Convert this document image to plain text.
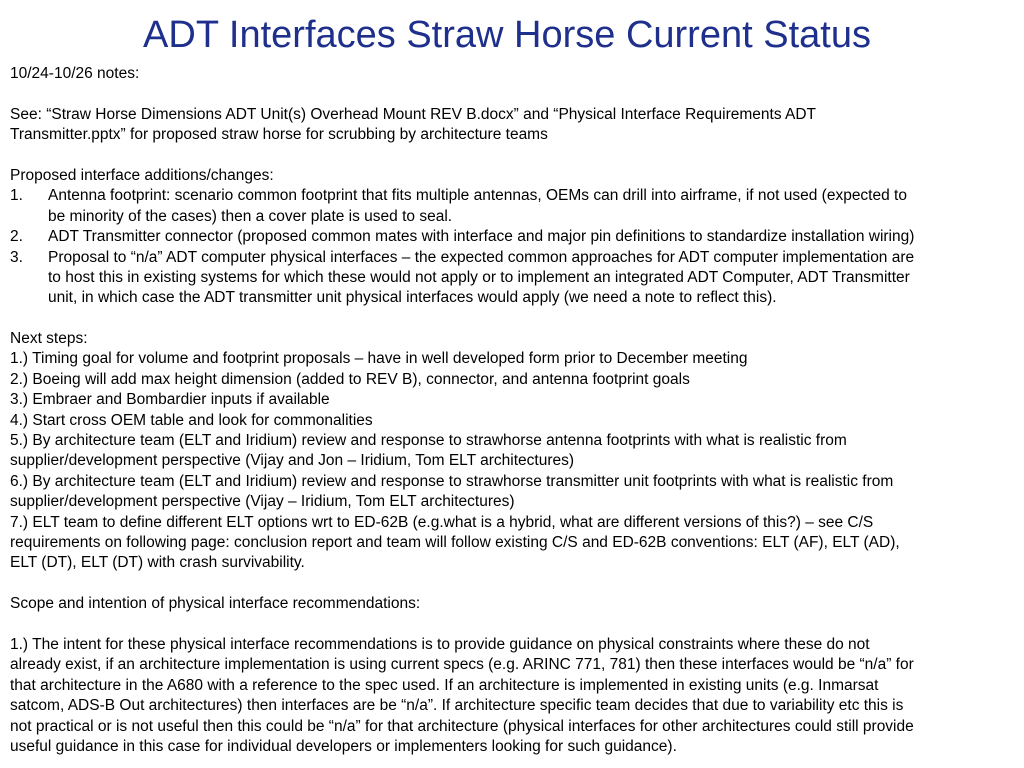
ADT Interfaces Straw Horse Current Status
10/24-10/26 notes:
See: “Straw Horse Dimensions ADT Unit(s) Overhead Mount REV B.docx” and “Physical Interface Requirements ADT
Transmitter.pptx” for proposed straw horse for scrubbing by architecture teams
Proposed interface additions/changes:
1. Antenna footprint: scenario common footprint that fits multiple antennas, OEMs can drill into airframe, if not used (expected to
be minority of the cases) then a cover plate is used to seal.
2. ADT Transmitter connector (proposed common mates with interface and major pin definitions to standardize installation wiring)
3. Proposal to “n/a” ADT computer physical interfaces – the expected common approaches for ADT computer implementation are
to host this in existing systems for which these would not apply or to implement an integrated ADT Computer, ADT Transmitter
unit, in which case the ADT transmitter unit physical interfaces would apply (we need a note to reflect this).
Next steps:
1.) Timing goal for volume and footprint proposals – have in well developed form prior to December meeting
2.) Boeing will add max height dimension (added to REV B), connector, and antenna footprint goals
3.) Embraer and Bombardier inputs if available
4.) Start cross OEM table and look for commonalities
5.) By architecture team (ELT and Iridium) review and response to strawhorse antenna footprints with what is realistic from
supplier/development perspective (Vijay and Jon – Iridium, Tom ELT architectures)
6.) By architecture team (ELT and Iridium) review and response to strawhorse transmitter unit footprints with what is realistic from
supplier/development perspective (Vijay – Iridium, Tom ELT architectures)
7.) ELT team to define different ELT options wrt to ED-62B (e.g.what is a hybrid, what are different versions of this?) – see C/S
requirements on following page: conclusion report and team will follow existing C/S and ED-62B conventions: ELT (AF), ELT (AD),
ELT (DT), ELT (DT) with crash survivability.
Scope and intention of physical interface recommendations:
1.) The intent for these physical interface recommendations is to provide guidance on physical constraints where these do not
already exist, if an architecture implementation is using current specs (e.g. ARINC 771, 781) then these interfaces would be “n/a” for
that architecture in the A680 with a reference to the spec used. If an architecture is implemented in existing units (e.g. Inmarsat
satcom, ADS-B Out architectures) then interfaces are be “n/a”. If architecture specific team decides that due to variability etc this is
not practical or is not useful then this could be “n/a” for that architecture (physical interfaces for other architectures could still provide
useful guidance in this case for individual developers or implementers looking for such guidance).
